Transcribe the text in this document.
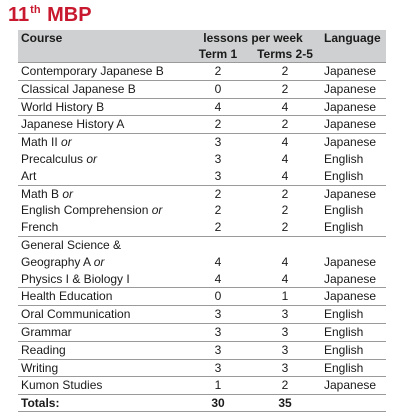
11th MBP
Course	lessons per week	Language
Term 1	Terms 2-5
Contemporary Japanese B	2	2	Japanese
Classical Japanese B	0	2	Japanese
World History B	4	4	Japanese
Japanese History A	2	2	Japanese
Math II or	3	4	Japanese
Precalculus or	3	4	English
Art	3	4	English
Math B or	2	2	Japanese
English Comprehension or	2	2	English
French	2	2	English
General Science &
Geography A or	4	4	Japanese
Physics I & Biology I	4	4	Japanese
Health Education	0	1	Japanese
Oral Communication	3	3	English
Grammar	3	3	English
Reading	3	3	English
Writing	3	3	English
Kumon Studies	1	2	Japanese
Totals:	30	35
